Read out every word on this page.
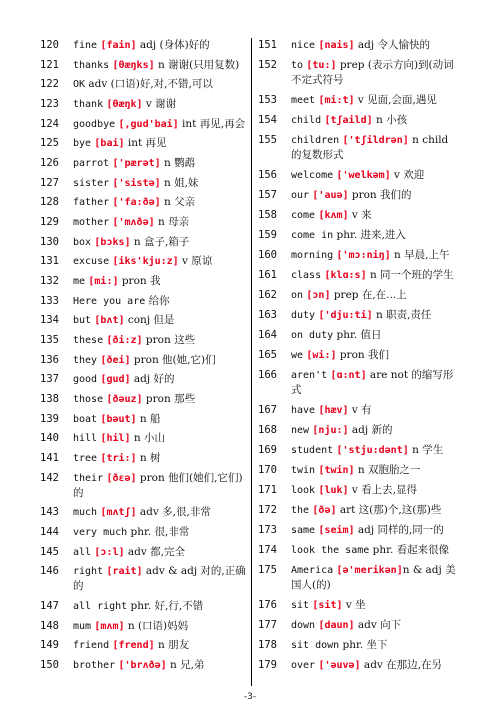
120 fine [fain] adj (身体)好的
121 thanks [θæŋks] n 谢谢(只用复数)
122 OK adv (口语)好,对,不错,可以
123 thank [θæŋk] v 谢谢
124 goodbye [,gud'bai] int 再见,再会
125 bye [bai] int 再见
126 parrot ['pærət] n 鹦鹉
127 sister ['sistə] n 姐,妹
128 father ['fa:ðə] n 父亲
129 mother ['mʌðə] n 母亲
130 box [bɔks] n 盒子,箱子
131 excuse [iks'kju:z] v 原谅
132 me [mi:] pron 我
133 Here you are 给你
134 but [bʌt] conj 但是
135 these [ði:z] pron 这些
136 they [ðei] pron 他(她,它)们
137 good [gud] adj 好的
138 those [ðəuz] pron 那些
139 boat [bəut] n 船
140 hill [hil] n 小山
141 tree [tri:] n 树
142 their [ðεə] pron 他们(她们,它们)的
143 much [mʌtʃ] adv 多,很,非常
144 very much phr. 很,非常
145 all [ɔ:l] adv 都,完全
146 right [rait] adv & adj 对的,正确的
147 all right phr. 好,行,不错
148 mum [mʌm] n (口语)妈妈
149 friend [frend] n 朋友
150 brother ['brʌðə] n 兄,弟
151 nice [nais] adj 令人愉快的
152 to [tu:] prep (表示方向)到(动词不定式符号
153 meet [mi:t] v 见面,会面,遇见
154 child [tʃaild] n 小孩
155 children ['tʃildrən] n child 的复数形式
156 welcome ['welkəm] v 欢迎
157 our ['auə] pron 我们的
158 come [kʌm] v 来
159 come in phr. 进来,进入
160 morning ['mɔ:niŋ] n 早晨,上午
161 class [klɑ:s] n 同一个班的学生
162 on [ɔn] prep 在,在...上
163 duty ['dju:ti] n 职责,责任
164 on duty phr. 值日
165 we [wi:] pron 我们
166 aren't [ɑ:nt] are not 的缩写形式
167 have [hæv] v 有
168 new [nju:] adj 新的
169 student ['stju:dənt] n 学生
170 twin [twin] n 双胞胎之一
171 look [luk] v 看上去,显得
172 the [ðə] art 这(那)个,这(那)些
173 same [seim] adj 同样的,同一的
174 look the same phr. 看起来很像
175 America [ə'merikən]n & adj 美国人(的)
176 sit [sit] v 坐
177 down [daun] adv 向下
178 sit down phr. 坐下
179 over ['əuvə] adv 在那边,在另
-3-
